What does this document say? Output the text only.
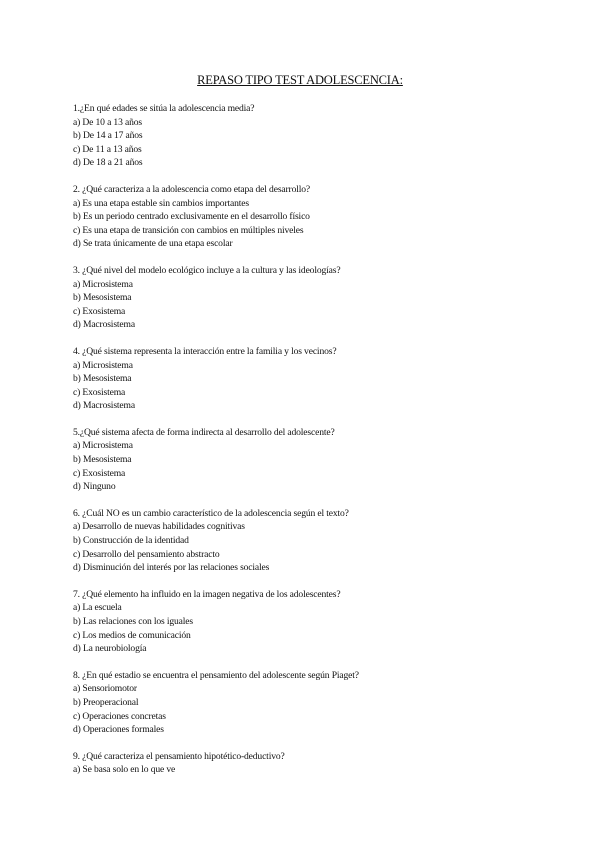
REPASO TIPO TEST ADOLESCENCIA:
1.¿En qué edades se sitúa la adolescencia media?
a) De 10 a 13 años
b) De 14 a 17 años
c) De 11 a 13 años
d) De 18 a 21 años
2. ¿Qué caracteriza a la adolescencia como etapa del desarrollo?
a) Es una etapa estable sin cambios importantes
b) Es un periodo centrado exclusivamente en el desarrollo físico
c) Es una etapa de transición con cambios en múltiples niveles
d) Se trata únicamente de una etapa escolar
3. ¿Qué nivel del modelo ecológico incluye a la cultura y las ideologías?
a) Microsistema
b) Mesosistema
c) Exosistema
d) Macrosistema
4. ¿Qué sistema representa la interacción entre la familia y los vecinos?
a) Microsistema
b) Mesosistema
c) Exosistema
d) Macrosistema
5.¿Qué sistema afecta de forma indirecta al desarrollo del adolescente?
a) Microsistema
b) Mesosistema
c) Exosistema
d) Ninguno
6. ¿Cuál NO es un cambio característico de la adolescencia según el texto?
a) Desarrollo de nuevas habilidades cognitivas
b) Construcción de la identidad
c) Desarrollo del pensamiento abstracto
d) Disminución del interés por las relaciones sociales
7. ¿Qué elemento ha influido en la imagen negativa de los adolescentes?
a) La escuela
b) Las relaciones con los iguales
c) Los medios de comunicación
d) La neurobiología
8. ¿En qué estadio se encuentra el pensamiento del adolescente según Piaget?
a) Sensoriomotor
b) Preoperacional
c) Operaciones concretas
d) Operaciones formales
9. ¿Qué caracteriza el pensamiento hipotético-deductivo?
a) Se basa solo en lo que ve
